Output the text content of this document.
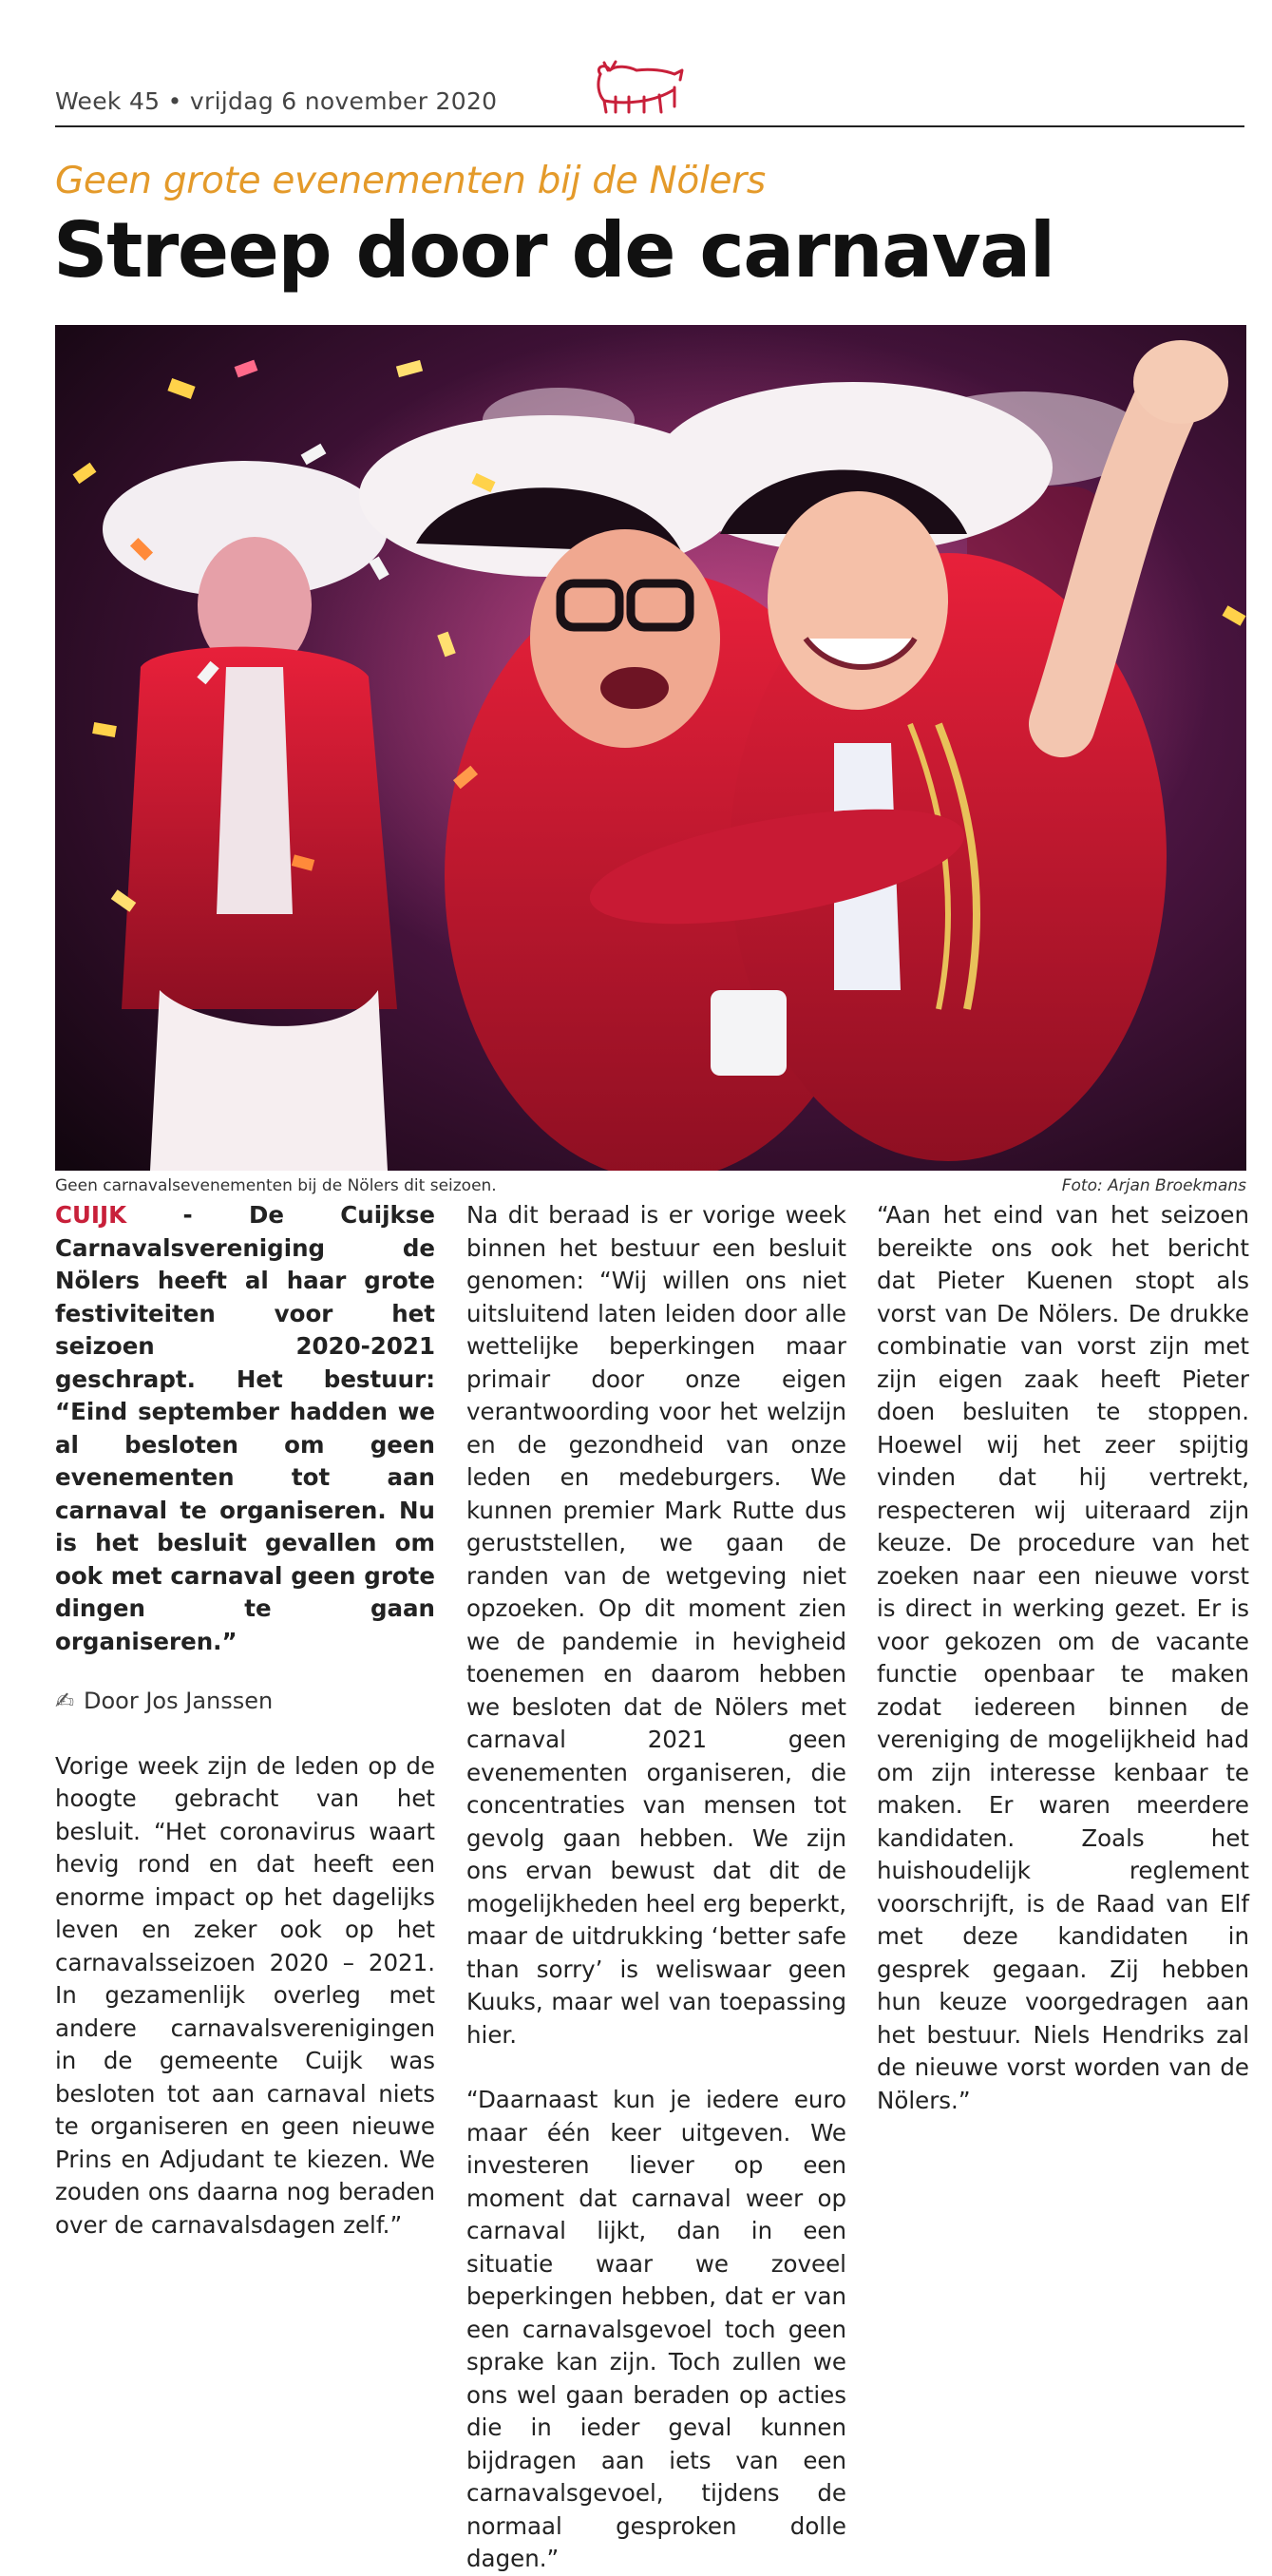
Week 45 • vrijdag 6 november 2020
Geen grote evenementen bij de Nölers
Streep door de carnaval
Geen carnavalsevenementen bij de Nölers dit seizoen.	Foto: Arjan Broekmans

CUIJK - De Cuijkse Carnavalsvereniging de Nölers heeft al haar grote festiviteiten voor het seizoen 2020-2021 geschrapt. Het bestuur: “Eind september hadden we al besloten om geen evenementen tot aan carnaval te organiseren. Nu is het besluit gevallen om ook met carnaval geen grote dingen te gaan organiseren.”

✍ Door Jos Janssen

Vorige week zijn de leden op de hoogte gebracht van het besluit. “Het coronavirus waart hevig rond en dat heeft een enorme impact op het dagelijks leven en zeker ook op het carnavalsseizoen 2020 – 2021. In gezamenlijk overleg met andere carnavalsverenigingen in de gemeente Cuijk was besloten tot aan carnaval niets te organiseren en geen nieuwe Prins en Adjudant te kiezen. We zouden ons daarna nog beraden over de carnavalsdagen zelf.”

Na dit beraad is er vorige week binnen het bestuur een besluit genomen: “Wij willen ons niet uitsluitend laten leiden door alle wettelijke beperkingen maar primair door onze eigen verantwoording voor het welzijn en de gezondheid van onze leden en medeburgers. We kunnen premier Mark Rutte dus geruststellen, we gaan de randen van de wetgeving niet opzoeken. Op dit moment zien we de pandemie in hevigheid toenemen en daarom hebben we besloten dat de Nölers met carnaval 2021 geen evenementen organiseren, die concentraties van mensen tot gevolg gaan hebben. We zijn ons ervan bewust dat dit de mogelijkheden heel erg beperkt, maar de uitdrukking ‘better safe than sorry’ is weliswaar geen Kuuks, maar wel van toepassing hier.

“Daarnaast kun je iedere euro maar één keer uitgeven. We investeren liever op een moment dat carnaval weer op carnaval lijkt, dan in een situatie waar we zoveel beperkingen hebben, dat er van een carnavalsgevoel toch geen sprake kan zijn. Toch zullen we ons wel gaan beraden op acties die in ieder geval kunnen bijdragen aan iets van een carnavalsgevoel, tijdens de normaal gesproken dolle dagen.”

“Aan het eind van het seizoen bereikte ons ook het bericht dat Pieter Kuenen stopt als vorst van De Nölers. De drukke combinatie van vorst zijn met zijn eigen zaak heeft Pieter doen besluiten te stoppen. Hoewel wij het zeer spijtig vinden dat hij vertrekt, respecteren wij uiteraard zijn keuze. De procedure van het zoeken naar een nieuwe vorst is direct in werking gezet. Er is voor gekozen om de vacante functie openbaar te maken zodat iedereen binnen de vereniging de mogelijkheid had om zijn interesse kenbaar te maken. Er waren meerdere kandidaten. Zoals het huishoudelijk reglement voorschrijft, is de Raad van Elf met deze kandidaten in gesprek gegaan. Zij hebben hun keuze voorgedragen aan het bestuur. Niels Hendriks zal de nieuwe vorst worden van de Nölers.”
